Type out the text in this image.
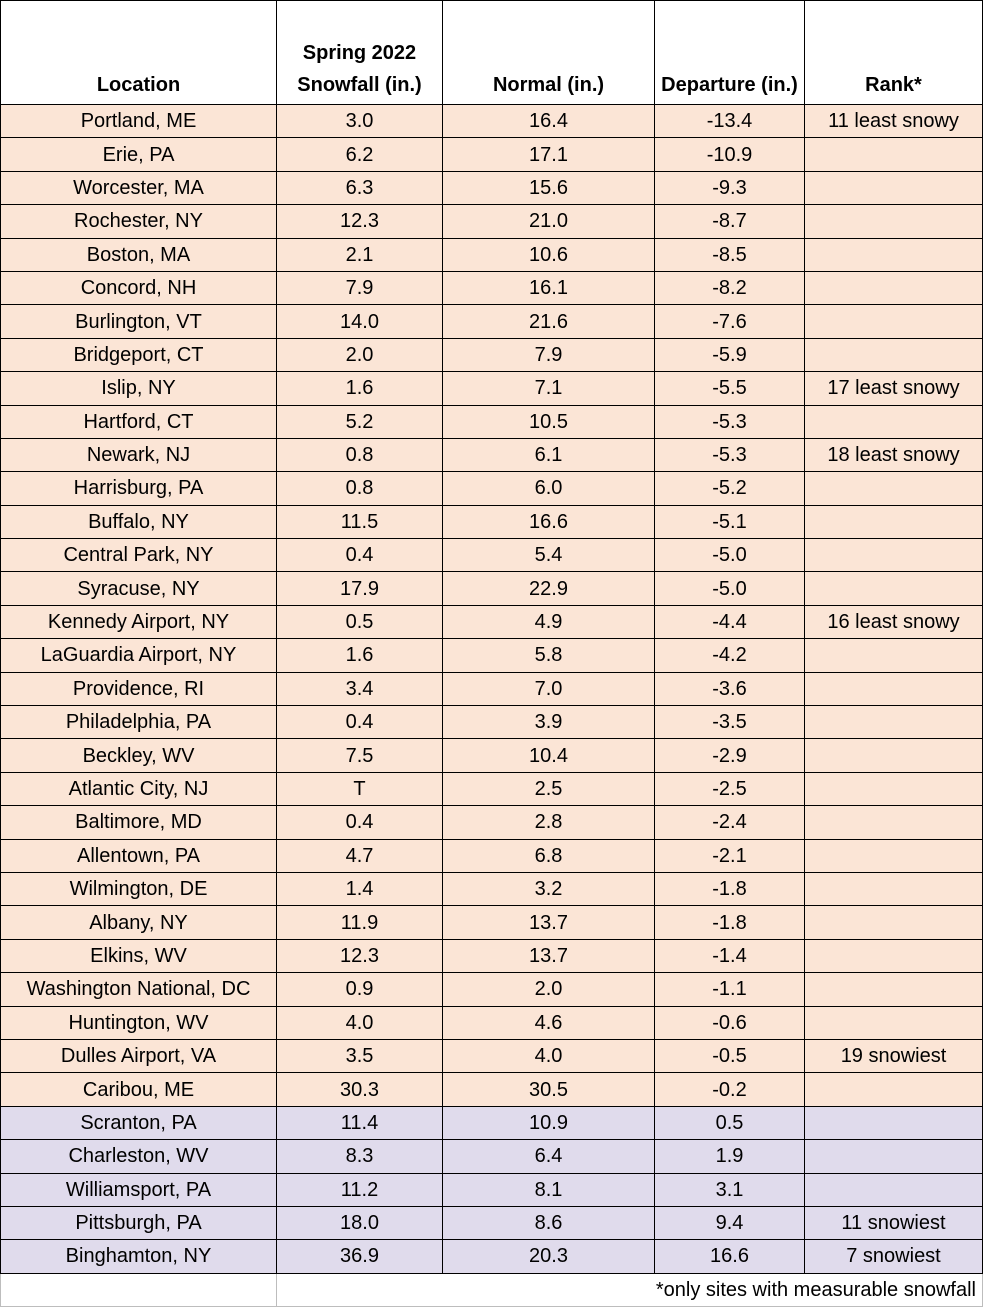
Location	Spring 2022 Snowfall (in.)	Normal (in.)	Departure (in.)	Rank*
Portland, ME	3.0	16.4	-13.4	11 least snowy
Erie, PA	6.2	17.1	-10.9	
Worcester, MA	6.3	15.6	-9.3	
Rochester, NY	12.3	21.0	-8.7	
Boston, MA	2.1	10.6	-8.5	
Concord, NH	7.9	16.1	-8.2	
Burlington, VT	14.0	21.6	-7.6	
Bridgeport, CT	2.0	7.9	-5.9	
Islip, NY	1.6	7.1	-5.5	17 least snowy
Hartford, CT	5.2	10.5	-5.3	
Newark, NJ	0.8	6.1	-5.3	18 least snowy
Harrisburg, PA	0.8	6.0	-5.2	
Buffalo, NY	11.5	16.6	-5.1	
Central Park, NY	0.4	5.4	-5.0	
Syracuse, NY	17.9	22.9	-5.0	
Kennedy Airport, NY	0.5	4.9	-4.4	16 least snowy
LaGuardia Airport, NY	1.6	5.8	-4.2	
Providence, RI	3.4	7.0	-3.6	
Philadelphia, PA	0.4	3.9	-3.5	
Beckley, WV	7.5	10.4	-2.9	
Atlantic City, NJ	T	2.5	-2.5	
Baltimore, MD	0.4	2.8	-2.4	
Allentown, PA	4.7	6.8	-2.1	
Wilmington, DE	1.4	3.2	-1.8	
Albany, NY	11.9	13.7	-1.8	
Elkins, WV	12.3	13.7	-1.4	
Washington National, DC	0.9	2.0	-1.1	
Huntington, WV	4.0	4.6	-0.6	
Dulles Airport, VA	3.5	4.0	-0.5	19 snowiest
Caribou, ME	30.3	30.5	-0.2	
Scranton, PA	11.4	10.9	0.5	
Charleston, WV	8.3	6.4	1.9	
Williamsport, PA	11.2	8.1	3.1	
Pittsburgh, PA	18.0	8.6	9.4	11 snowiest
Binghamton, NY	36.9	20.3	16.6	7 snowiest
		*only sites with measurable snowfall		
